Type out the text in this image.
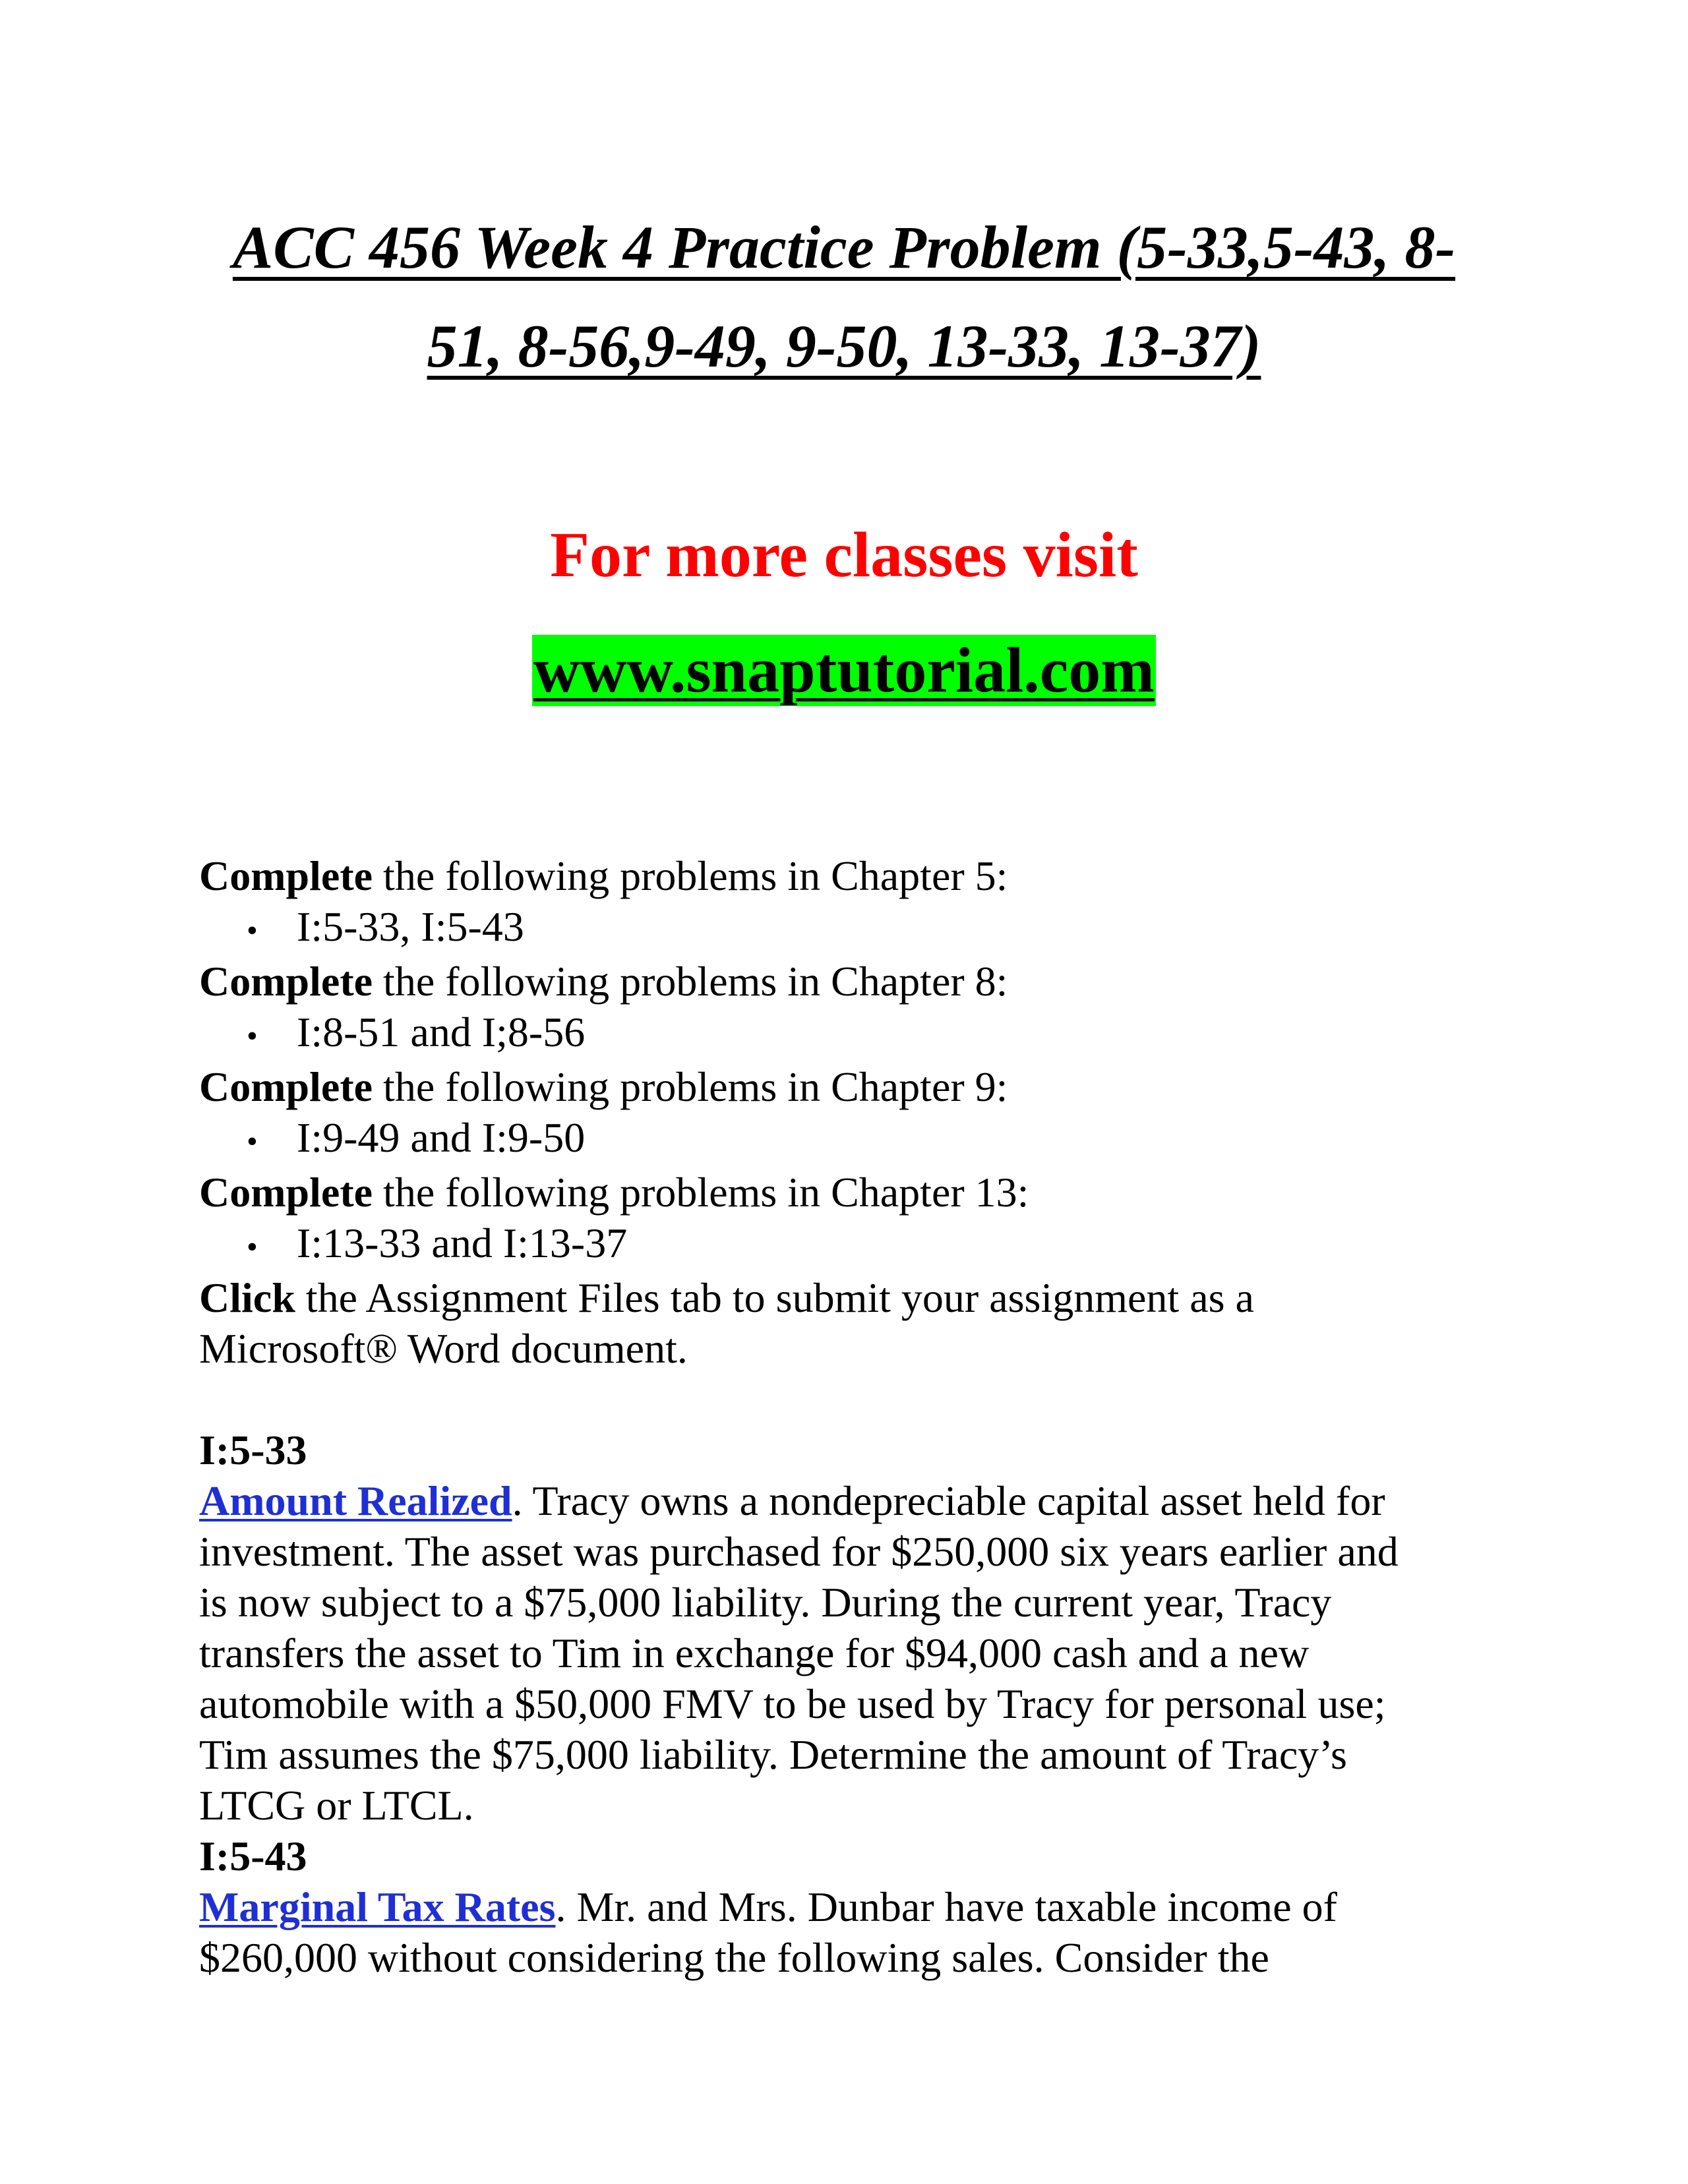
ACC 456 Week 4 Practice Problem (5-33,5-43, 8-
51, 8-56,9-49, 9-50, 13-33, 13-37)

For more classes visit

www.snaptutorial.com

Complete the following problems in Chapter 5:

• I:5-33, I:5-43

Complete the following problems in Chapter 8:

• I:8-51 and I;8-56

Complete the following problems in Chapter 9:

• I:9-49 and I:9-50

Complete the following problems in Chapter 13:

• I:13-33 and I:13-37

Click the Assignment Files tab to submit your assignment as a

Microsoft® Word document.

I:5-33

Amount Realized. Tracy owns a nondepreciable capital asset held for

investment. The asset was purchased for $250,000 six years earlier and

is now subject to a $75,000 liability. During the current year, Tracy

transfers the asset to Tim in exchange for $94,000 cash and a new

automobile with a $50,000 FMV to be used by Tracy for personal use;

Tim assumes the $75,000 liability. Determine the amount of Tracy’s

LTCG or LTCL.

I:5-43

Marginal Tax Rates. Mr. and Mrs. Dunbar have taxable income of

$260,000 without considering the following sales. Consider the
